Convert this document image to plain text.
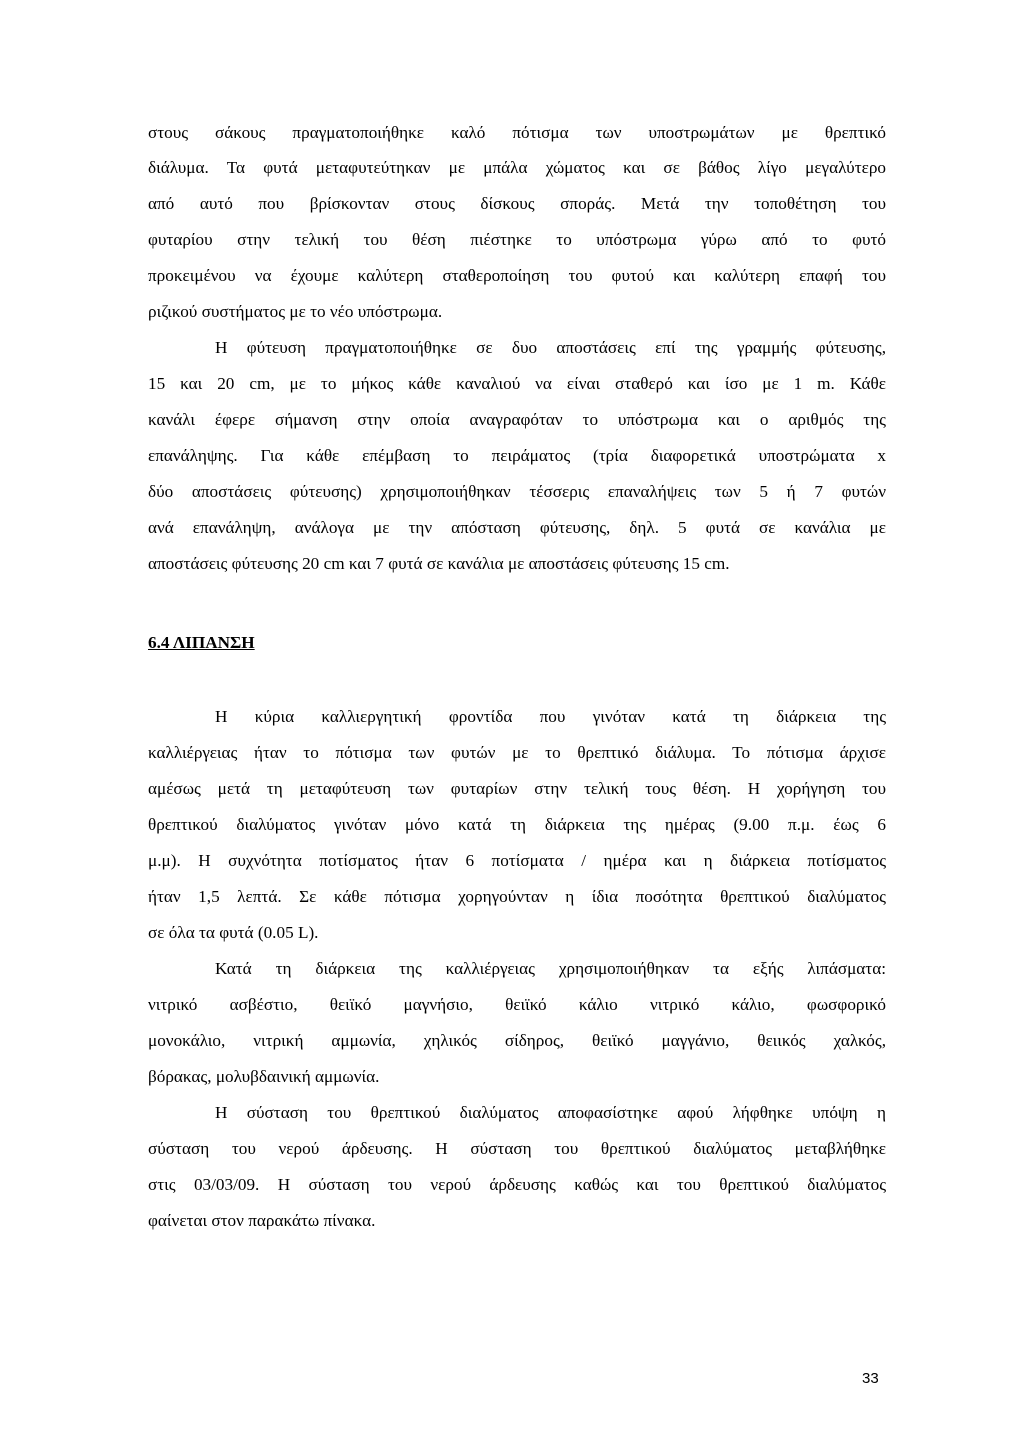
στους σάκους πραγματοποιήθηκε καλό πότισμα των υποστρωμάτων με θρεπτικό
διάλυμα. Τα φυτά μεταφυτεύτηκαν με μπάλα χώματος και σε βάθος λίγο μεγαλύτερο
από αυτό που βρίσκονταν στους δίσκους σποράς. Μετά την τοποθέτηση του
φυταρίου στην τελική του θέση πιέστηκε το υπόστρωμα γύρω από το φυτό
προκειμένου να έχουμε καλύτερη σταθεροποίηση του φυτού και καλύτερη επαφή του
ριζικού συστήματος με το νέο υπόστρωμα.
Η φύτευση πραγματοποιήθηκε σε δυο αποστάσεις επί της γραμμής φύτευσης,
15 και 20 cm, με το μήκος κάθε καναλιού να είναι σταθερό και ίσο με 1 m. Κάθε
κανάλι έφερε σήμανση στην οποία αναγραφόταν το υπόστρωμα και ο αριθμός της
επανάληψης. Για κάθε επέμβαση το πειράματος (τρία διαφορετικά υποστρώματα x
δύο αποστάσεις φύτευσης) χρησιμοποιήθηκαν τέσσερις επαναλήψεις των 5 ή 7 φυτών
ανά επανάληψη, ανάλογα με την απόσταση φύτευσης, δηλ. 5 φυτά σε κανάλια με
αποστάσεις φύτευσης 20 cm και 7 φυτά σε κανάλια με αποστάσεις φύτευσης 15 cm.
6.4 ΛΙΠΑΝΣΗ
Η κύρια καλλιεργητική φροντίδα που γινόταν κατά τη διάρκεια της
καλλιέργειας ήταν το πότισμα των φυτών με το θρεπτικό διάλυμα. Το πότισμα άρχισε
αμέσως μετά τη μεταφύτευση των φυταρίων στην τελική τους θέση. Η χορήγηση του
θρεπτικού διαλύματος γινόταν μόνο κατά τη διάρκεια της ημέρας (9.00 π.μ. έως 6
μ.μ). Η συχνότητα ποτίσματος ήταν 6 ποτίσματα / ημέρα και η διάρκεια ποτίσματος
ήταν 1,5 λεπτά. Σε κάθε πότισμα χορηγούνταν η ίδια ποσότητα θρεπτικού διαλύματος
σε όλα τα φυτά (0.05 L).
Κατά τη διάρκεια της καλλιέργειας χρησιμοποιήθηκαν τα εξής λιπάσματα:
νιτρικό ασβέστιο, θειϊκό μαγνήσιο, θειϊκό κάλιο νιτρικό κάλιο, φωσφορικό
μονοκάλιο, νιτρική αμμωνία, χηλικός σίδηρος, θειϊκό μαγγάνιο, θειικός χαλκός,
βόρακας, μολυβδαινική αμμωνία.
Η σύσταση του θρεπτικού διαλύματος αποφασίστηκε αφού λήφθηκε υπόψη η
σύσταση του νερού άρδευσης. Η σύσταση του θρεπτικού διαλύματος μεταβλήθηκε
στις 03/03/09. Η σύσταση του νερού άρδευσης καθώς και του θρεπτικού διαλύματος
φαίνεται στον παρακάτω πίνακα.
33
